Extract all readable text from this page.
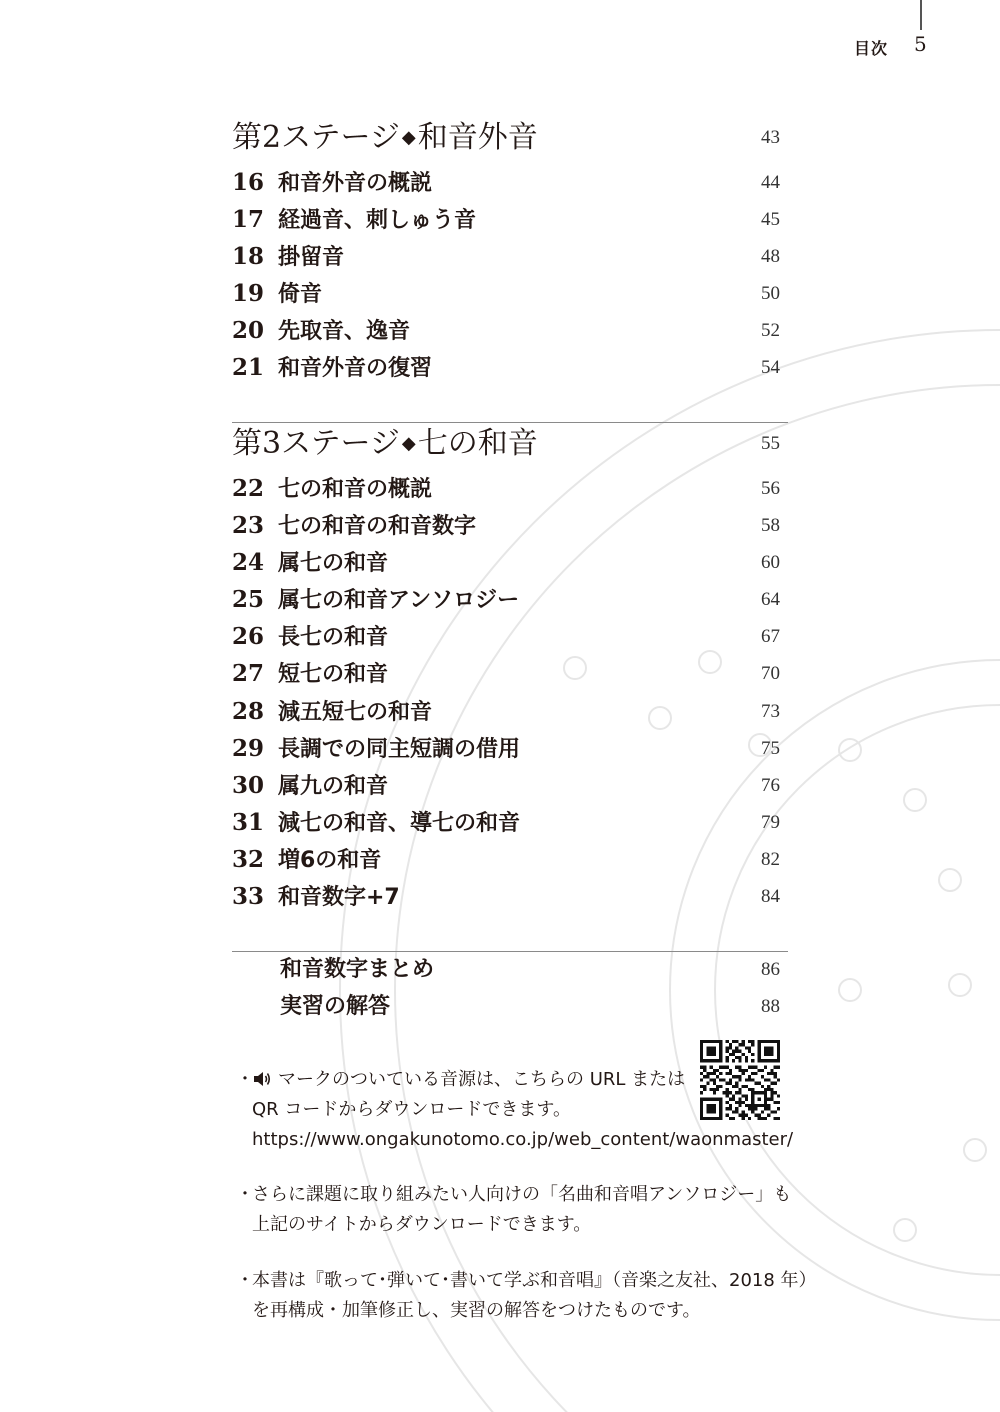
目次 5
第2ステージ ◆和音外音	43
16 和音外音の概説	44
17 経過音、刺しゅう音	45
18 掛留音	48
19 倚音	50
20 先取音、逸音	52
21 和音外音の復習	54
第3ステージ ◆七の和音	55
22 七の和音の概説	56
23 七の和音の和音数字	58
24 属七の和音	60
25 属七の和音アンソロジー	64
26 長七の和音	67
27 短七の和音	70
28 減五短七の和音	73
29 長調での同主短調の借用	75
30 属九の和音	76
31 減七の和音、導七の和音	79
32 増6の和音	82
33 和音数字+7	84
和音数字まとめ	86
実習の解答	88
・ マークのついている音源は、こちらの URL または
QR コードからダウンロードできます。
https://www.ongakunotomo.co.jp/web_content/waonmaster/
・さらに課題に取り組みたい人向けの「名曲和音唱アンソロジー」も
上記のサイトからダウンロードできます。
・本書は『歌って･弾いて･書いて学ぶ和音唱』（音楽之友社、2018 年）
を再構成・加筆修正し、実習の解答をつけたものです。
